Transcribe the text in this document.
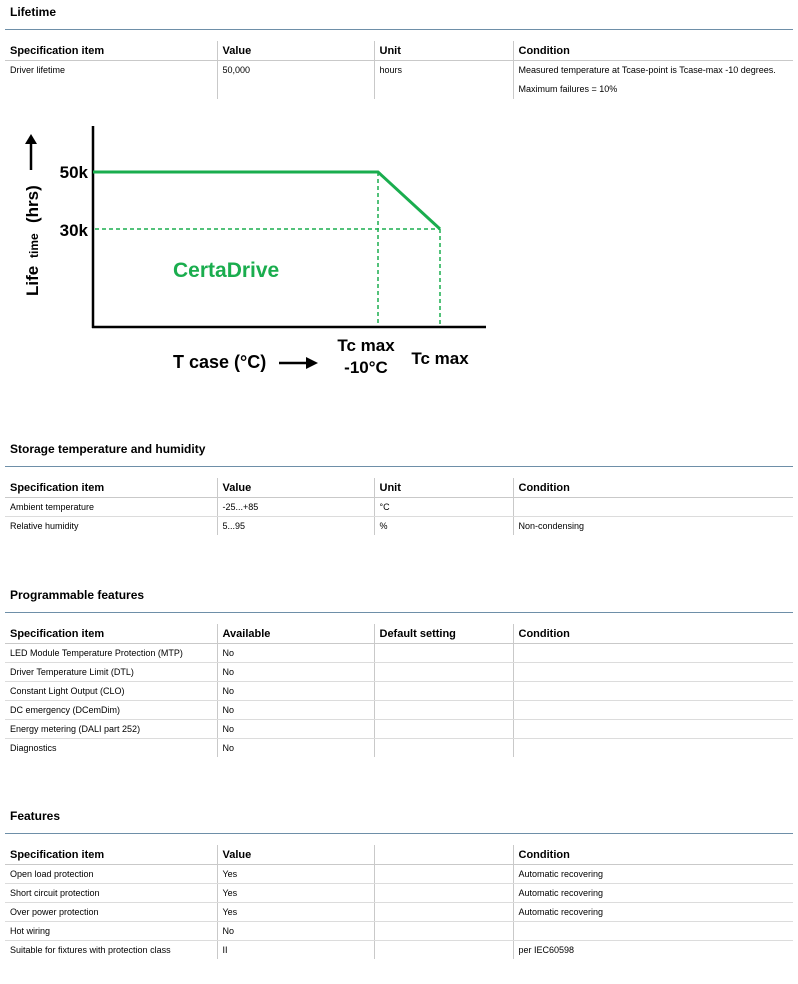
Lifetime
Specification item	Value	Unit	Condition
Driver lifetime	50,000	hours	Measured temperature at Tcase-point is Tcase-max -10 degrees.
Maximum failures = 10%
Life
time
(hrs)
50k
30k
CertaDrive
T case (°C)
Tc max
-10°C Tc max
Storage temperature and humidity
Specification item	Value	Unit	Condition
Ambient temperature	-25...+85	°C	
Relative humidity	5...95	%	Non-condensing
Programmable features
Specification item	Available	Default setting	Condition
LED Module Temperature Protection (MTP)	No		
Driver Temperature Limit (DTL)	No		
Constant Light Output (CLO)	No		
DC emergency (DCemDim)	No		
Energy metering (DALI part 252)	No		
Diagnostics	No		
Features
Specification item	Value		Condition
Open load protection	Yes		Automatic recovering
Short circuit protection	Yes		Automatic recovering
Over power protection	Yes		Automatic recovering
Hot wiring	No		
Suitable for fixtures with protection class	II		per IEC60598
